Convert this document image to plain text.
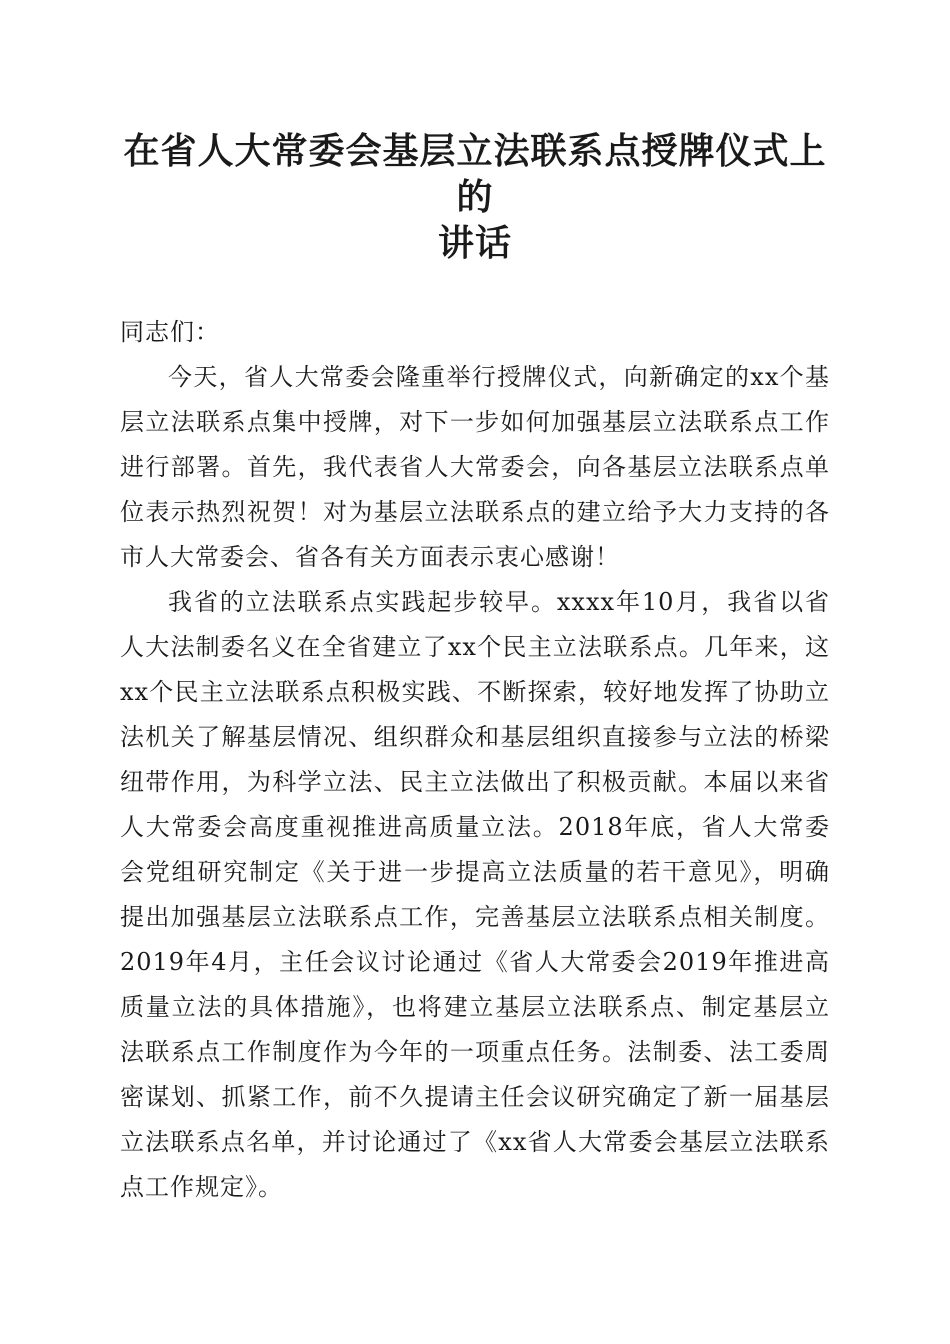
在省人大常委会基层立法联系点授牌仪式上的
讲话

同志们：

今天，省人大常委会隆重举行授牌仪式，向新确定的xx个基层立法联系点集中授牌，对下一步如何加强基层立法联系点工作进行部署。首先，我代表省人大常委会，向各基层立法联系点单位表示热烈祝贺！对为基层立法联系点的建立给予大力支持的各市人大常委会、省各有关方面表示衷心感谢！

我省的立法联系点实践起步较早。xxxx年10月，我省以省人大法制委名义在全省建立了xx个民主立法联系点。几年来，这xx个民主立法联系点积极实践、不断探索，较好地发挥了协助立法机关了解基层情况、组织群众和基层组织直接参与立法的桥梁纽带作用，为科学立法、民主立法做出了积极贡献。本届以来省人大常委会高度重视推进高质量立法。2018年底，省人大常委会党组研究制定《关于进一步提高立法质量的若干意见》，明确提出加强基层立法联系点工作，完善基层立法联系点相关制度。2019年4月，主任会议讨论通过《省人大常委会2019年推进高质量立法的具体措施》，也将建立基层立法联系点、制定基层立法联系点工作制度作为今年的一项重点任务。法制委、法工委周密谋划、抓紧工作，前不久提请主任会议研究确定了新一届基层立法联系点名单，并讨论通过了《xx省人大常委会基层立法联系点工作规定》。
